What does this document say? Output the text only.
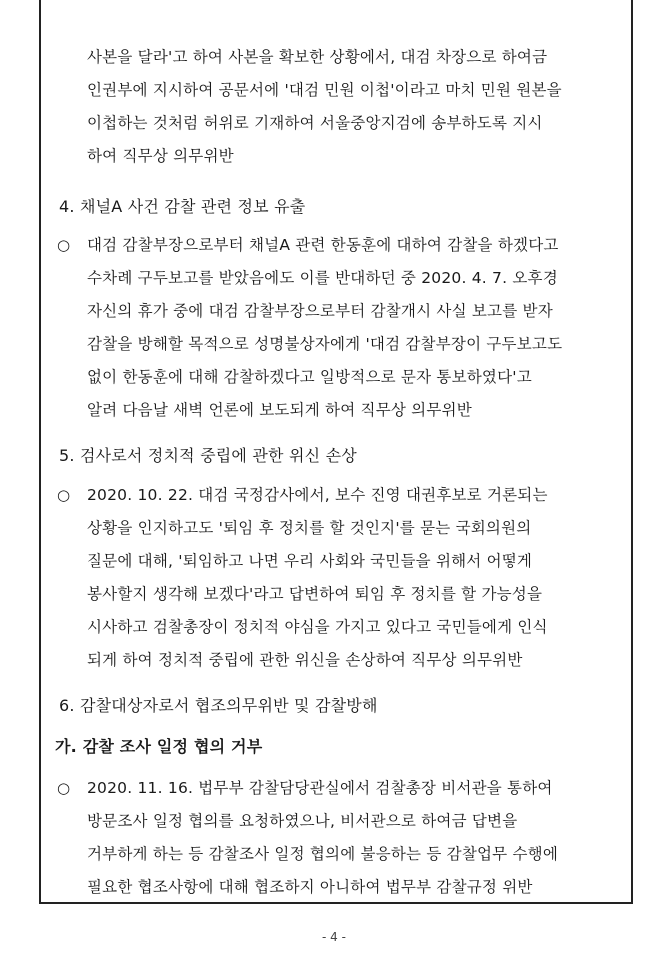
사본을 달라'고 하여 사본을 확보한 상황에서, 대검 차장으로 하여금
인권부에 지시하여 공문서에 '대검 민원 이첩'이라고 마치 민원 원본을
이첩하는 것처럼 허위로 기재하여 서울중앙지검에 송부하도록 지시
하여 직무상 의무위반
4. 채널A 사건 감찰 관련 정보 유출
○ 대검 감찰부장으로부터 채널A 관련 한동훈에 대하여 감찰을 하겠다고
수차례 구두보고를 받았음에도 이를 반대하던 중 2020. 4. 7. 오후경
자신의 휴가 중에 대검 감찰부장으로부터 감찰개시 사실 보고를 받자
감찰을 방해할 목적으로 성명불상자에게 '대검 감찰부장이 구두보고도
없이 한동훈에 대해 감찰하겠다고 일방적으로 문자 통보하였다'고
알려 다음날 새벽 언론에 보도되게 하여 직무상 의무위반
5. 검사로서 정치적 중립에 관한 위신 손상
○ 2020. 10. 22. 대검 국정감사에서, 보수 진영 대권후보로 거론되는
상황을 인지하고도 '퇴임 후 정치를 할 것인지'를 묻는 국회의원의
질문에 대해, '퇴임하고 나면 우리 사회와 국민들을 위해서 어떻게
봉사할지 생각해 보겠다'라고 답변하여 퇴임 후 정치를 할 가능성을
시사하고 검찰총장이 정치적 야심을 가지고 있다고 국민들에게 인식
되게 하여 정치적 중립에 관한 위신을 손상하여 직무상 의무위반
6. 감찰대상자로서 협조의무위반 및 감찰방해
가. 감찰 조사 일정 협의 거부
○ 2020. 11. 16. 법무부 감찰담당관실에서 검찰총장 비서관을 통하여
방문조사 일정 협의를 요청하였으나, 비서관으로 하여금 답변을
거부하게 하는 등 감찰조사 일정 협의에 불응하는 등 감찰업무 수행에
필요한 협조사항에 대해 협조하지 아니하여 법무부 감찰규정 위반
- 4 -
